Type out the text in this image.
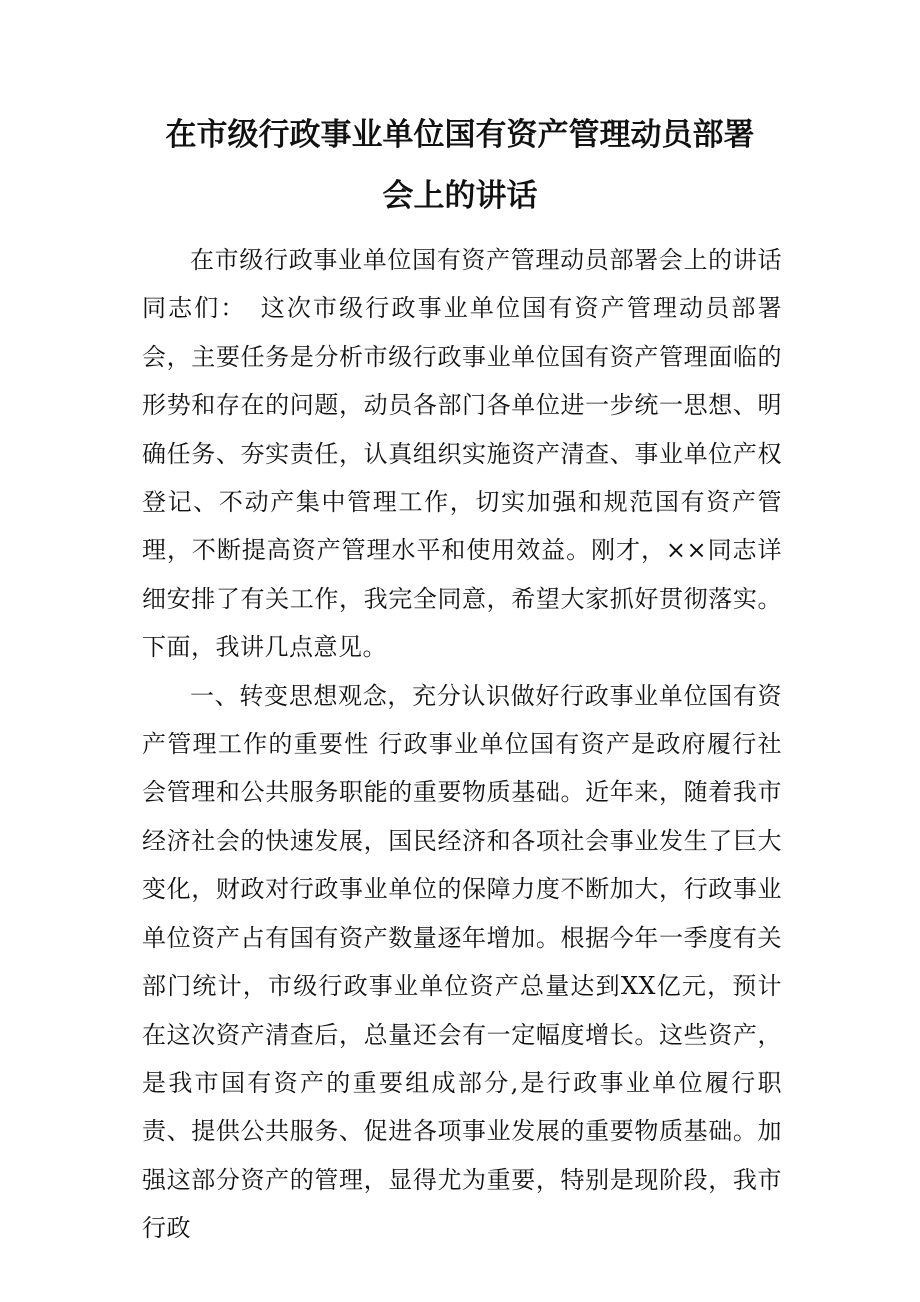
在市级行政事业单位国有资产管理动员部署
会上的讲话

在市级行政事业单位国有资产管理动员部署会上的讲话　同志们：　这次市级行政事业单位国有资产管理动员部署会，主要任务是分析市级行政事业单位国有资产管理面临的形势和存在的问题，动员各部门各单位进一步统一思想、明确任务、夯实责任，认真组织实施资产清查、事业单位产权登记、不动产集中管理工作，切实加强和规范国有资产管理，不断提高资产管理水平和使用效益。刚才，××同志详细安排了有关工作，我完全同意，希望大家抓好贯彻落实。下面，我讲几点意见。

一、转变思想观念，充分认识做好行政事业单位国有资产管理工作的重要性 行政事业单位国有资产是政府履行社会管理和公共服务职能的重要物质基础。近年来，随着我市经济社会的快速发展，国民经济和各项社会事业发生了巨大变化，财政对行政事业单位的保障力度不断加大，行政事业单位资产占有国有资产数量逐年增加。根据今年一季度有关部门统计，市级行政事业单位资产总量达到XX亿元，预计在这次资产清查后，总量还会有一定幅度增长。这些资产，是我市国有资产的重要组成部分,是行政事业单位履行职责、提供公共服务、促进各项事业发展的重要物质基础。加强这部分资产的管理，显得尤为重要，特别是现阶段，我市行政
